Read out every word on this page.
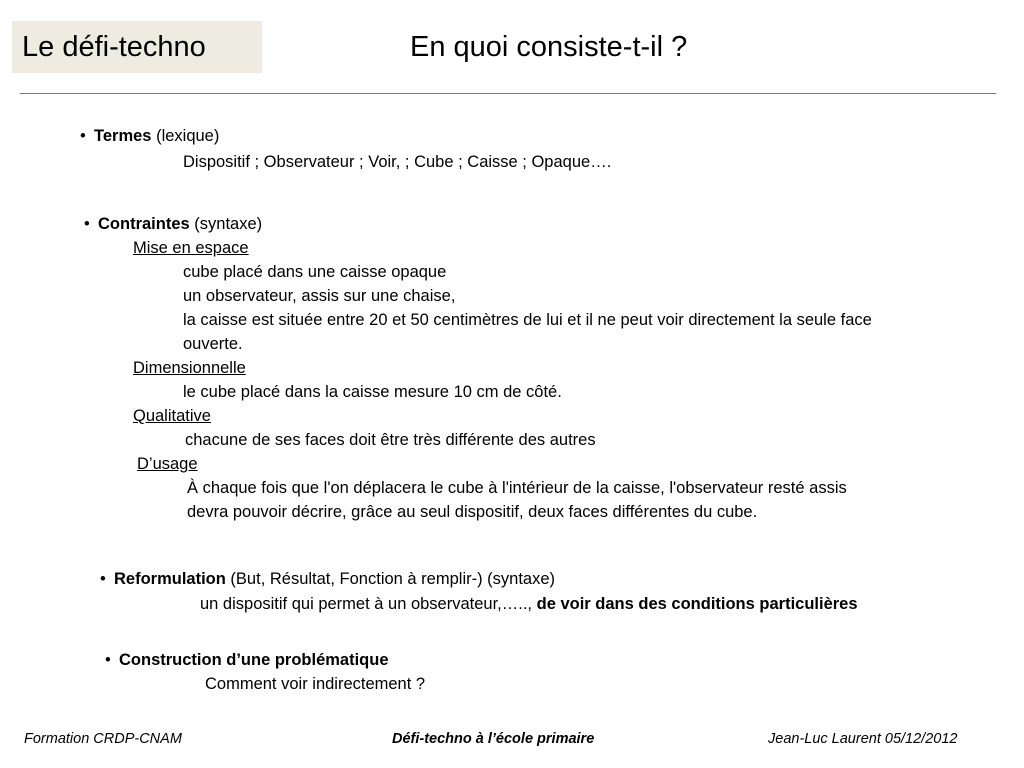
Le défi-techno	En quoi consiste-t-il ?
• Termes (lexique)
Dispositif ; Observateur ; Voir, ; Cube ; Caisse ; Opaque….
• Contraintes (syntaxe)
Mise en espace
cube placé dans une caisse opaque
un observateur, assis sur une chaise,
la caisse est située entre 20 et 50 centimètres de lui et il ne peut voir directement la seule face
ouverte.
Dimensionnelle
le cube placé dans la caisse mesure 10 cm de côté.
Qualitative
chacune de ses faces doit être très différente des autres
D’usage
À chaque fois que l'on déplacera le cube à l'intérieur de la caisse, l'observateur resté assis
devra pouvoir décrire, grâce au seul dispositif, deux faces différentes du cube.
• Reformulation (But, Résultat, Fonction à remplir-) (syntaxe)
un dispositif qui permet à un observateur,….., de voir dans des conditions particulières
• Construction d’une problématique
Comment voir indirectement ?
Formation CRDP-CNAM	Défi-techno à l’école primaire	Jean-Luc Laurent 05/12/2012
